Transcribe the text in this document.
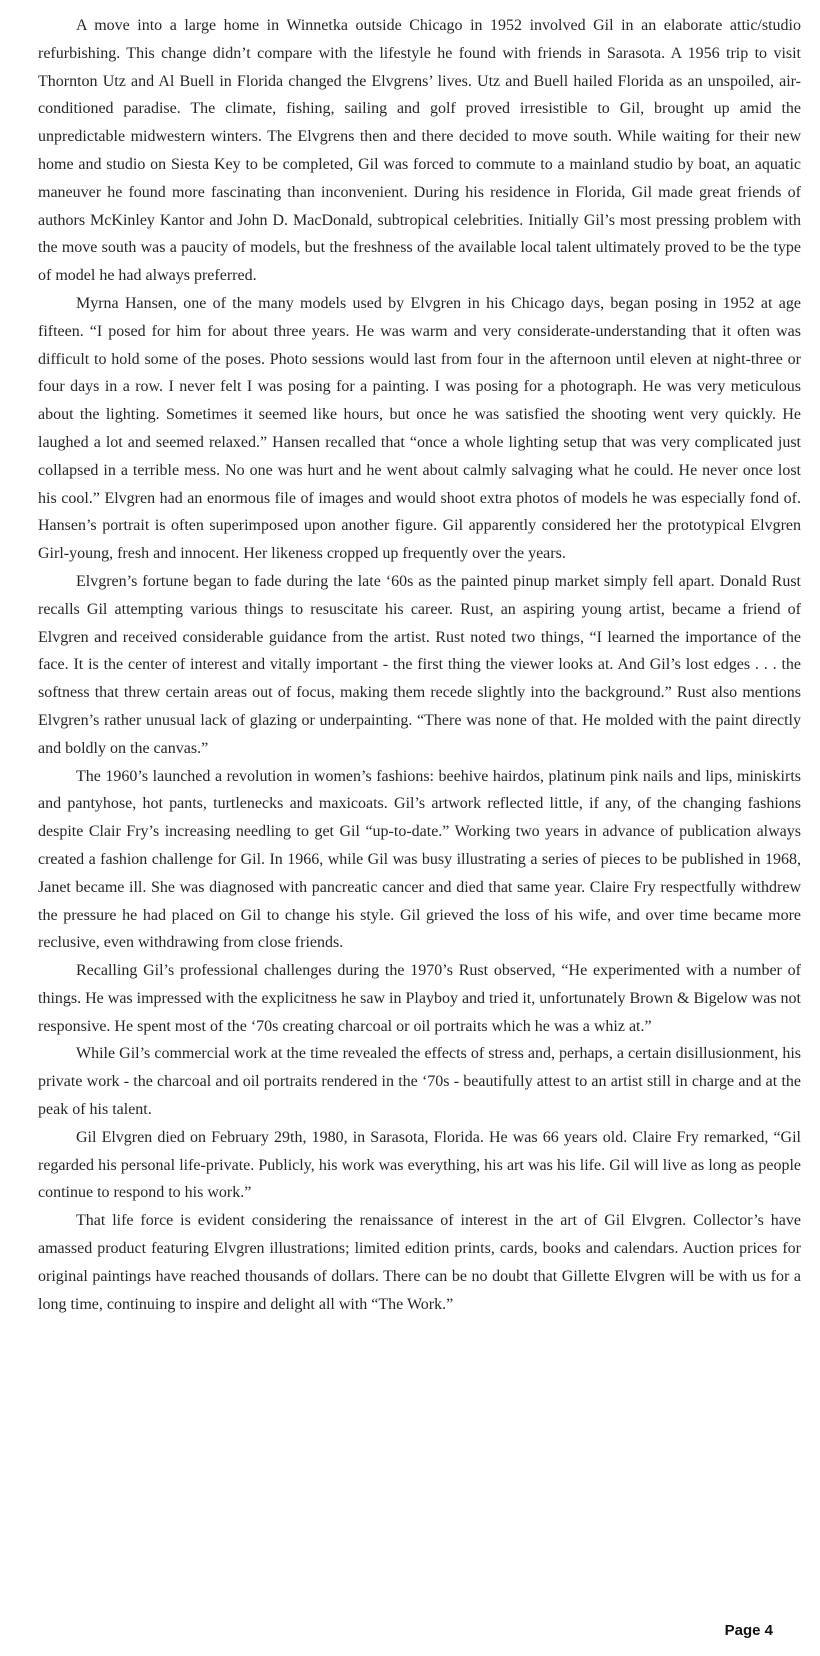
A move into a large home in Winnetka outside Chicago in 1952 involved Gil in an elaborate attic/studio refurbishing. This change didn’t compare with the lifestyle he found with friends in Sarasota. A 1956 trip to visit Thornton Utz and Al Buell in Florida changed the Elvgrens’ lives. Utz and Buell hailed Florida as an unspoiled, air-conditioned paradise. The climate, fishing, sailing and golf proved irresistible to Gil, brought up amid the unpredictable midwestern winters. The Elvgrens then and there decided to move south. While waiting for their new home and studio on Siesta Key to be completed, Gil was forced to commute to a mainland studio by boat, an aquatic maneuver he found more fascinating than inconvenient. During his residence in Florida, Gil made great friends of authors McKinley Kantor and John D. MacDonald, subtropical celebrities. Initially Gil’s most pressing problem with the move south was a paucity of models, but the freshness of the available local talent ultimately proved to be the type of model he had always preferred.

Myrna Hansen, one of the many models used by Elvgren in his Chicago days, began posing in 1952 at age fifteen. “I posed for him for about three years. He was warm and very considerate-understanding that it often was difficult to hold some of the poses. Photo sessions would last from four in the afternoon until eleven at night-three or four days in a row. I never felt I was posing for a painting. I was posing for a photograph. He was very meticulous about the lighting. Sometimes it seemed like hours, but once he was satisfied the shooting went very quickly. He laughed a lot and seemed relaxed.” Hansen recalled that “once a whole lighting setup that was very complicated just collapsed in a terrible mess. No one was hurt and he went about calmly salvaging what he could. He never once lost his cool.” Elvgren had an enormous file of images and would shoot extra photos of models he was especially fond of. Hansen’s portrait is often superimposed upon another figure. Gil apparently considered her the prototypical Elvgren Girl-young, fresh and innocent. Her likeness cropped up frequently over the years.

Elvgren’s fortune began to fade during the late ‘60s as the painted pinup market simply fell apart. Donald Rust recalls Gil attempting various things to resuscitate his career. Rust, an aspiring young artist, became a friend of Elvgren and received considerable guidance from the artist. Rust noted two things, “I learned the importance of the face. It is the center of interest and vitally important - the first thing the viewer looks at. And Gil’s lost edges . . . the softness that threw certain areas out of focus, making them recede slightly into the background.” Rust also mentions Elvgren’s rather unusual lack of glazing or underpainting. “There was none of that. He molded with the paint directly and boldly on the canvas.”

The 1960’s launched a revolution in women’s fashions: beehive hairdos, platinum pink nails and lips, miniskirts and pantyhose, hot pants, turtlenecks and maxicoats. Gil’s artwork reflected little, if any, of the changing fashions despite Clair Fry’s increasing needling to get Gil “up-to-date.” Working two years in advance of publication always created a fashion challenge for Gil. In 1966, while Gil was busy illustrating a series of pieces to be published in 1968, Janet became ill. She was diagnosed with pancreatic cancer and died that same year. Claire Fry respectfully withdrew the pressure he had placed on Gil to change his style. Gil grieved the loss of his wife, and over time became more reclusive, even withdrawing from close friends.

Recalling Gil’s professional challenges during the 1970’s Rust observed, “He experimented with a number of things. He was impressed with the explicitness he saw in Playboy and tried it, unfortunately Brown & Bigelow was not responsive. He spent most of the ‘70s creating charcoal or oil portraits which he was a whiz at.”

While Gil’s commercial work at the time revealed the effects of stress and, perhaps, a certain disillusionment, his private work - the charcoal and oil portraits rendered in the ‘70s - beautifully attest to an artist still in charge and at the peak of his talent.

Gil Elvgren died on February 29th, 1980, in Sarasota, Florida. He was 66 years old. Claire Fry remarked, “Gil regarded his personal life-private. Publicly, his work was everything, his art was his life. Gil will live as long as people continue to respond to his work.”

That life force is evident considering the renaissance of interest in the art of Gil Elvgren. Collector’s have amassed product featuring Elvgren illustrations; limited edition prints, cards, books and calendars. Auction prices for original paintings have reached thousands of dollars. There can be no doubt that Gillette Elvgren will be with us for a long time, continuing to inspire and delight all with “The Work.”

Page 4
